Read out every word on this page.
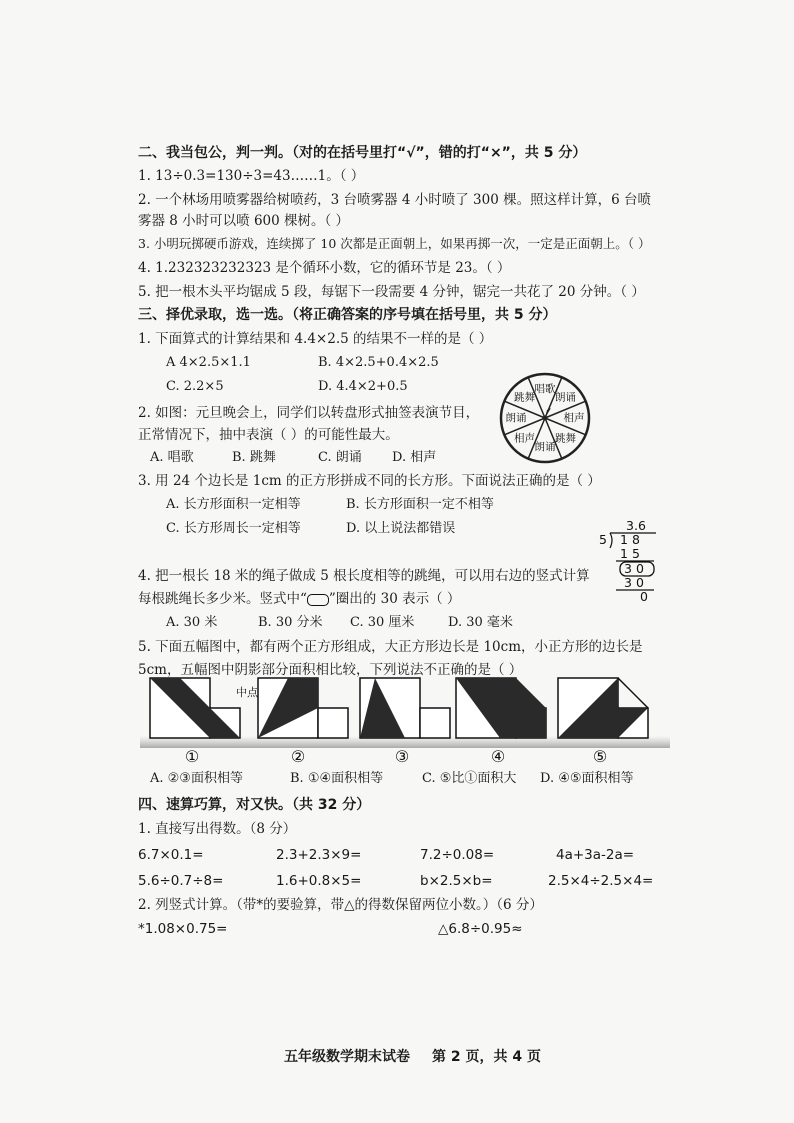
二、我当包公，判一判。（对的在括号里打“√”，错的打“×”，共 5 分）
1. 13÷0.3=130÷3=43……1。（ ）
2. 一个林场用喷雾器给树喷药，3 台喷雾器 4 小时喷了 300 棵。照这样计算，6 台喷
雾器 8 小时可以喷 600 棵树。（ ）
3. 小明玩掷硬币游戏，连续掷了 10 次都是正面朝上，如果再掷一次，一定是正面朝上。（ ）
4. 1.232323232323 是个循环小数，它的循环节是 23。（ ）
5. 把一根木头平均锯成 5 段，每锯下一段需要 4 分钟，锯完一共花了 20 分钟。（ ）
三、择优录取，选一选。（将正确答案的序号填在括号里，共 5 分）
1. 下面算式的计算结果和 4.4×2.5 的结果不一样的是（ ）
A 4×2.5×1.1	B. 4×2.5+0.4×2.5
C. 2.2×5	D. 4.4×2+0.5
2. 如图：元旦晚会上，同学们以转盘形式抽签表演节目，
正常情况下，抽中表演（ ）的可能性最大。
A. 唱歌	B. 跳舞	C. 朗诵 D. 相声
唱歌
朗诵
相声
跳舞
朗诵
相声
朗诵
跳舞
3. 用 24 个边长是 1cm 的正方形拼成不同的长方形。下面说法正确的是（ ）
A. 长方形面积一定相等	B. 长方形面积一定不相等
C. 长方形周长一定相等	D. 以上说法都错误	3.6
5 18
15
30
30
0
4. 把一根长 18 米的绳子做成 5 根长度相等的跳绳，可以用右边的竖式计算
每根跳绳长多少米。竖式中“ ”圈出的 30 表示（ ）
A. 30 米	B. 30 分米 C. 30 厘米	D. 30 毫米
5. 下面五幅图中，都有两个正方形组成，大正方形边长是 10cm，小正方形的边长是
5cm，五幅图中阴影部分面积相比较，下列说法不正确的是（ ）
中点
①	②	③	④	⑤
A. ②③面积相等	B. ①④面积相等	C. ⑤比①面积大 D. ④⑤面积相等
四、速算巧算，对又快。（共 32 分）
1. 直接写出得数。（8 分）
6.7×0.1=	2.3+2.3×9=	7.2÷0.08=	4a+3a-2a=
5.6÷0.7÷8=	1.6+0.8×5=	b×2.5×b=	2.5×4÷2.5×4=
2. 列竖式计算。（带*的要验算，带△的得数保留两位小数。）（6 分）
*1.08×0.75=	△6.8÷0.95≈
五年级数学期末试卷 第 2 页，共 4 页
